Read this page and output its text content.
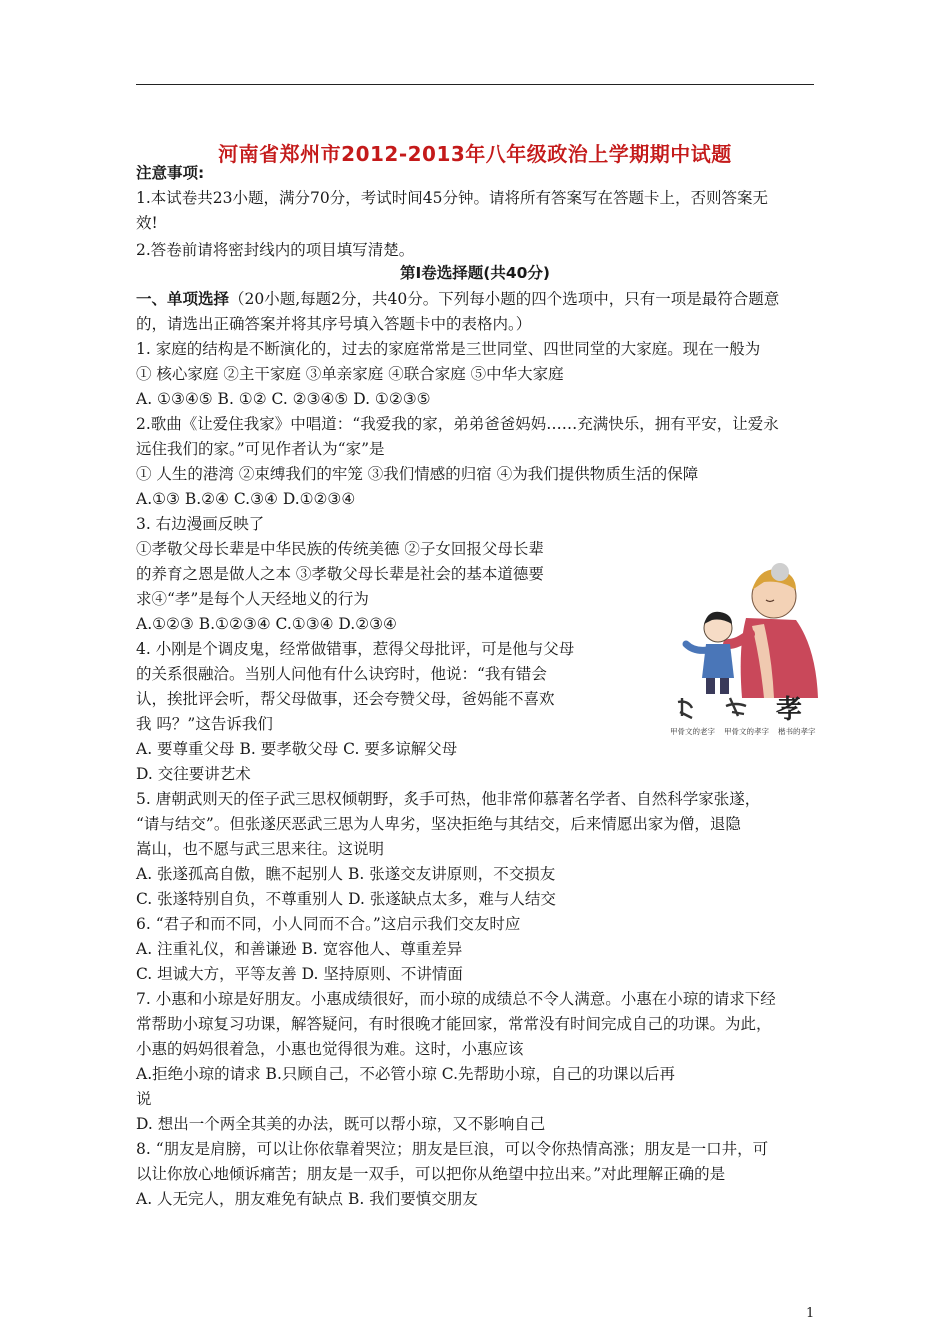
河南省郑州市2012-2013年八年级政治上学期期中试题
注意事项:
1.本试卷共23小题，满分70分，考试时间45分钟。请将所有答案写在答题卡上，否则答案无
效!
2.答卷前请将密封线内的项目填写清楚。
第Ⅰ卷选择题(共40分)
一、单项选择（20小题,每题2分，共40分。下列每小题的四个选项中，只有一项是最符合题意
的，请选出正确答案并将其序号填入答题卡中的表格内。）
1. 家庭的结构是不断演化的，过去的家庭常常是三世同堂、四世同堂的大家庭。现在一般为
① 核心家庭 ②主干家庭 ③单亲家庭 ④联合家庭 ⑤中华大家庭
A. ①③④⑤ B. ①② C. ②③④⑤ D. ①②③⑤
2.歌曲《让爱住我家》中唱道：“我爱我的家，弟弟爸爸妈妈……充满快乐，拥有平安，让爱永
远住我们的家。”可见作者认为“家”是
① 人生的港湾 ②束缚我们的牢笼 ③我们情感的归宿 ④为我们提供物质生活的保障
A.①③ B.②④ C.③④ D.①②③④
3. 右边漫画反映了
①孝敬父母长辈是中华民族的传统美德 ②子女回报父母长辈
的养育之恩是做人之本 ③孝敬父母长辈是社会的基本道德要
求④“孝”是每个人天经地义的行为
A.①②③ B.①②③④ C.①③④ D.②③④
4. 小刚是个调皮鬼，经常做错事，惹得父母批评，可是他与父母
的关系很融洽。当别人问他有什么诀窍时，他说：“我有错会
认，挨批评会听，帮父母做事，还会夸赞父母，爸妈能不喜欢
我 吗？”这告诉我们
A. 要尊重父母 B. 要孝敬父母 C. 要多谅解父母
D. 交往要讲艺术
5. 唐朝武则天的侄子武三思权倾朝野，炙手可热，他非常仰慕著名学者、自然科学家张遂，
“请与结交”。但张遂厌恶武三思为人卑劣，坚决拒绝与其结交，后来情愿出家为僧，退隐
嵩山，也不愿与武三思来往。这说明
A. 张遂孤高自傲，瞧不起别人 B. 张遂交友讲原则，不交损友
C. 张遂特别自负，不尊重别人 D. 张遂缺点太多，难与人结交
6. “君子和而不同，小人同而不合。”这启示我们交友时应
A. 注重礼仪，和善谦逊 B. 宽容他人、尊重差异
C. 坦诚大方，平等友善 D. 坚持原则、不讲情面
7. 小惠和小琼是好朋友。小惠成绩很好，而小琼的成绩总不令人满意。小惠在小琼的请求下经
常帮助小琼复习功课，解答疑问，有时很晚才能回家，常常没有时间完成自己的功课。为此，
小惠的妈妈很着急，小惠也觉得很为难。这时，小惠应该
A.拒绝小琼的请求 B.只顾自己，不必管小琼 C.先帮助小琼，自己的功课以后再
说
D. 想出一个两全其美的办法，既可以帮小琼，又不影响自己
8. “朋友是肩膀，可以让你依靠着哭泣；朋友是巨浪，可以令你热情高涨；朋友是一口井，可
以让你放心地倾诉痛苦；朋友是一双手，可以把你从绝望中拉出来。”对此理解正确的是
A. 人无完人，朋友难免有缺点 B. 我们要慎交朋友
孝
甲骨文的老字 甲骨文的孝字 楷书的孝字
1
